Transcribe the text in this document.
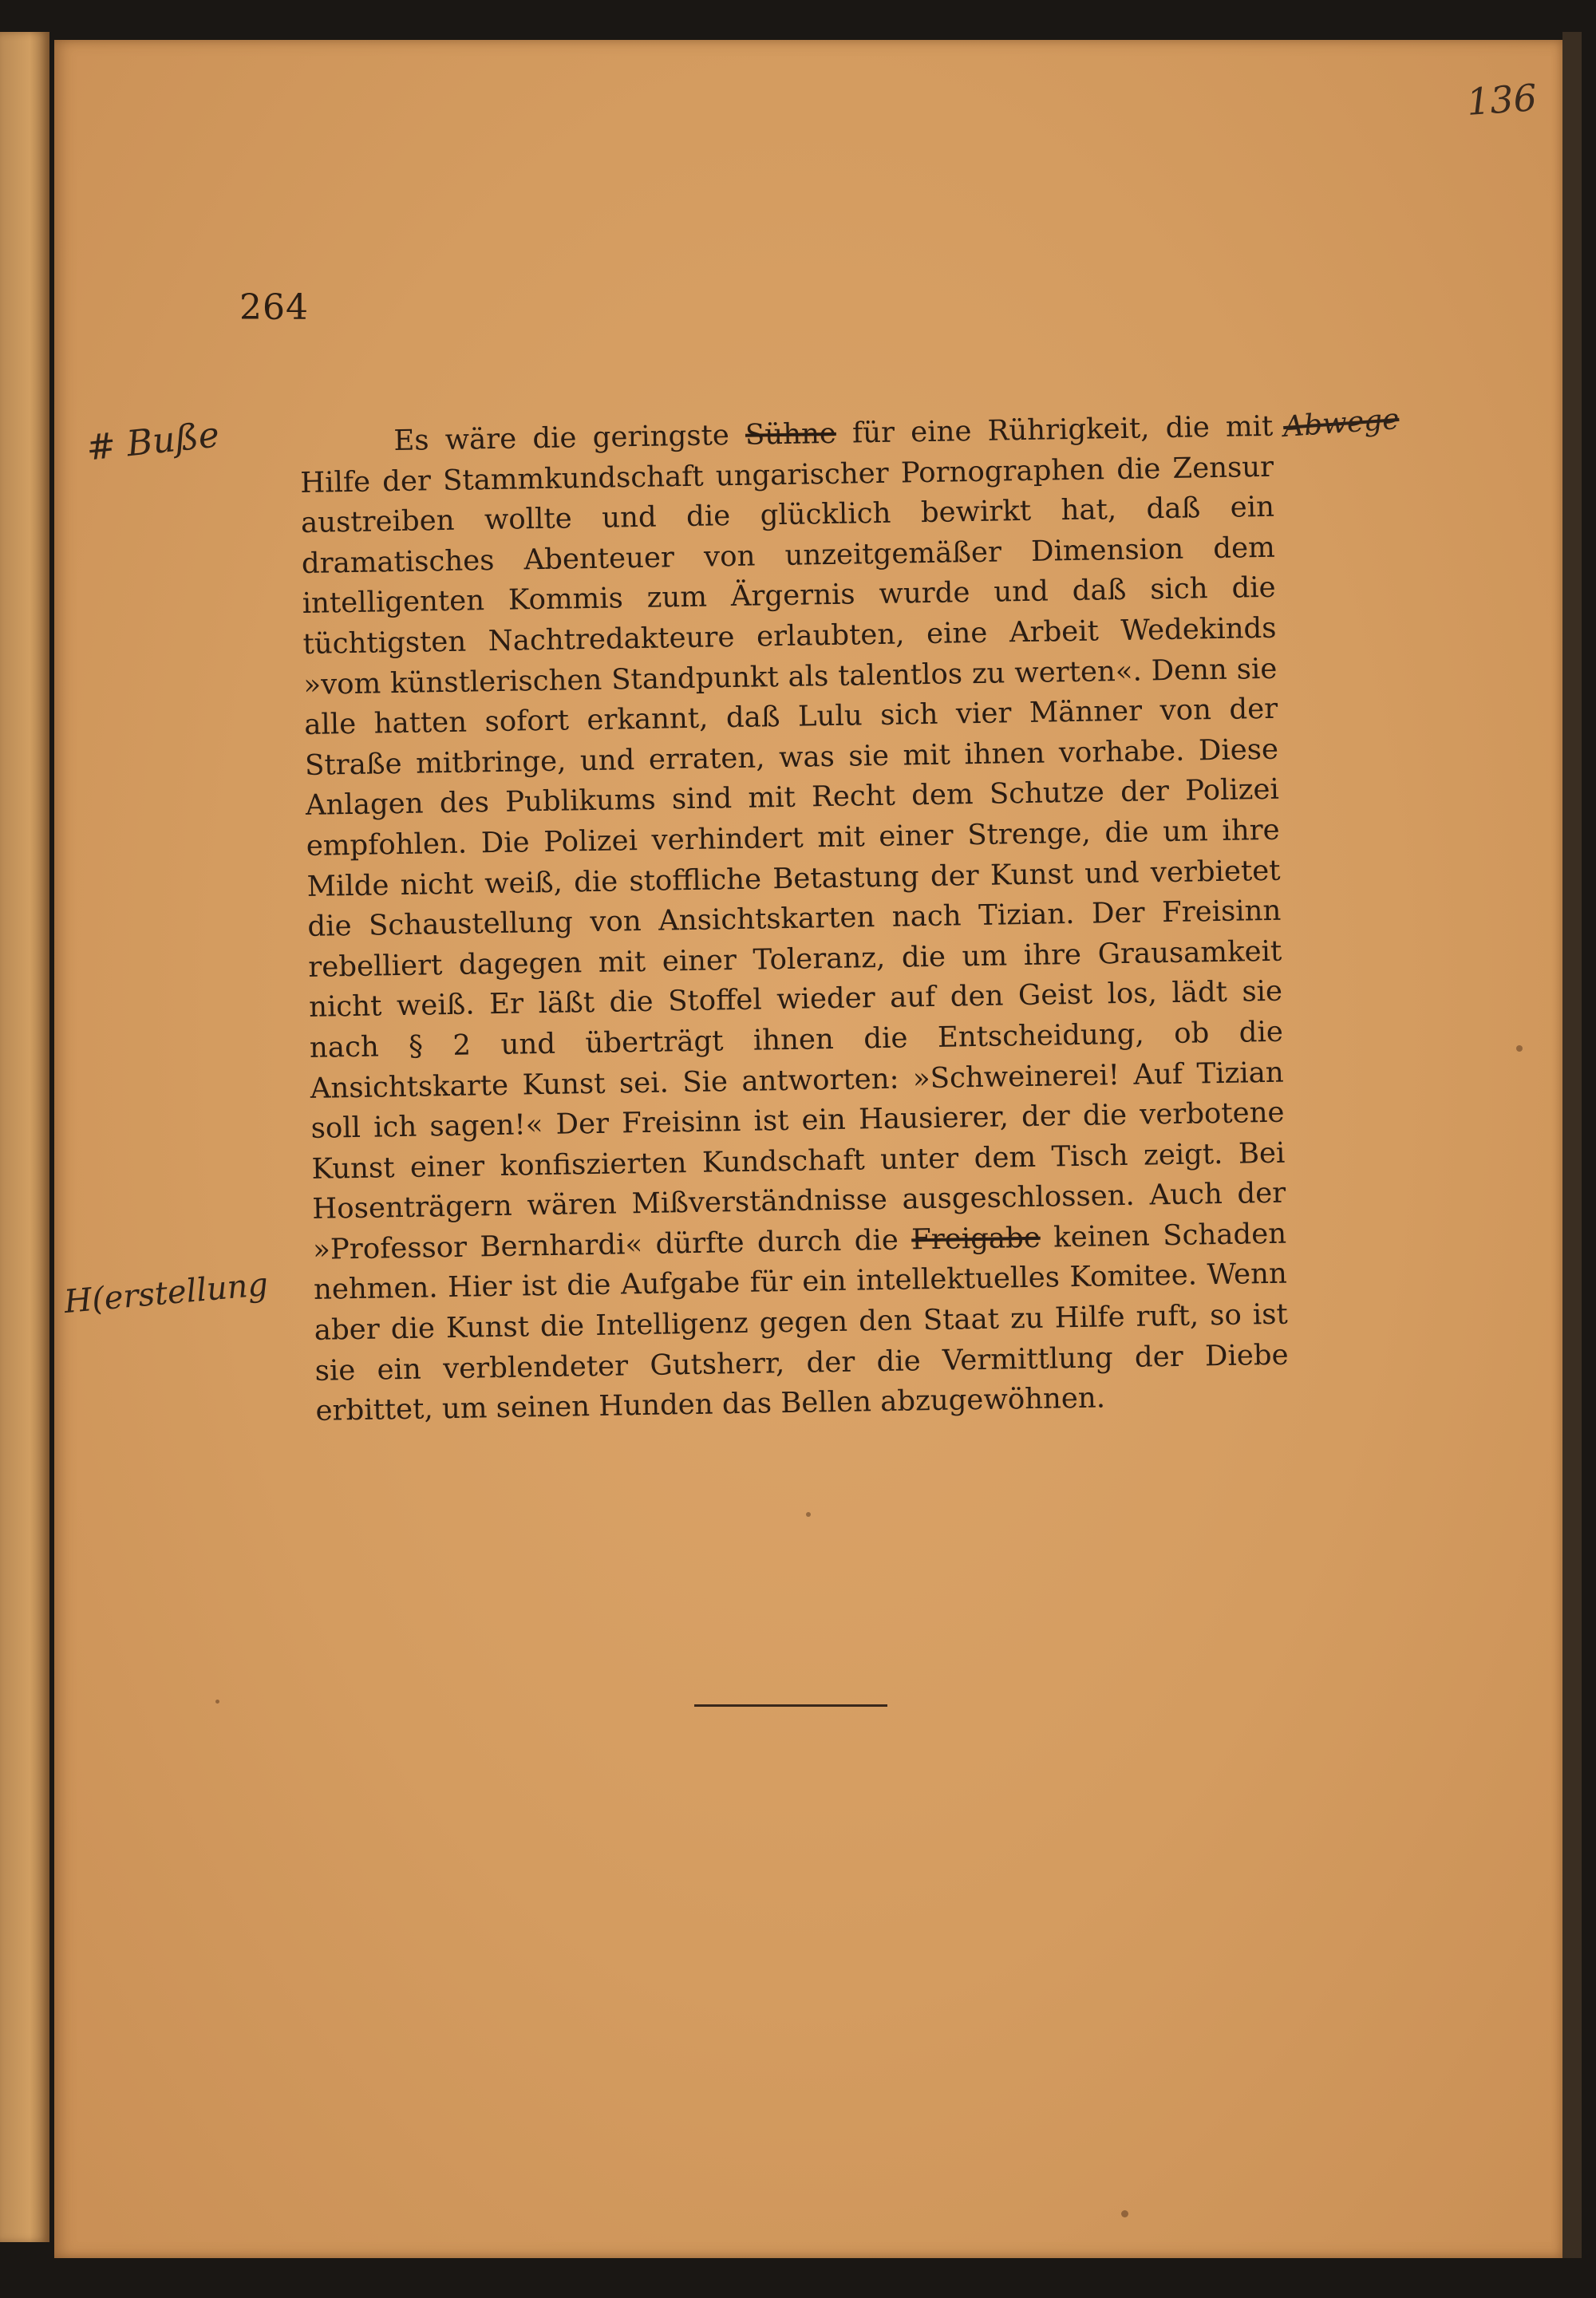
136
264
# Buße	Abwege
H(erstellung

Es wäre die geringste Sühne für eine Rührigkeit, die mit Hilfe der Stammkundschaft ungarischer Pornographen die Zensur austreiben wollte und die glücklich bewirkt hat, daß ein dramatisches Abenteuer von unzeitgemäßer Dimension dem intelligenten Kommis zum Ärgernis wurde und daß sich die tüchtigsten Nachtredakteure erlaubten, eine Arbeit Wedekinds »vom künstlerischen Standpunkt als talentlos zu werten«. Denn sie alle hatten sofort erkannt, daß Lulu sich vier Männer von der Straße mitbringe, und erraten, was sie mit ihnen vorhabe. Diese Anlagen des Publikums sind mit Recht dem Schutze der Polizei empfohlen. Die Polizei verhindert mit einer Strenge, die um ihre Milde nicht weiß, die stoffliche Betastung der Kunst und verbietet die Schaustellung von Ansichtskarten nach Tizian. Der Freisinn rebelliert dagegen mit einer Toleranz, die um ihre Grausamkeit nicht weiß. Er läßt die Stoffel wieder auf den Geist los, lädt sie nach § 2 und überträgt ihnen die Entscheidung, ob die Ansichtskarte Kunst sei. Sie antworten: »Schweinerei! Auf Tizian soll ich sagen!« Der Freisinn ist ein Hausierer, der die verbotene Kunst einer konfiszierten Kundschaft unter dem Tisch zeigt. Bei Hosenträgern wären Mißverständnisse ausgeschlossen. Auch der »Professor Bernhardi« dürfte durch die Freigabe keinen Schaden nehmen. Hier ist die Aufgabe für ein intellektuelles Komitee. Wenn aber die Kunst die Intelligenz gegen den Staat zu Hilfe ruft, so ist sie ein verblendeter Gutsherr, der die Vermittlung der Diebe erbittet, um seinen Hunden das Bellen abzugewöhnen.
